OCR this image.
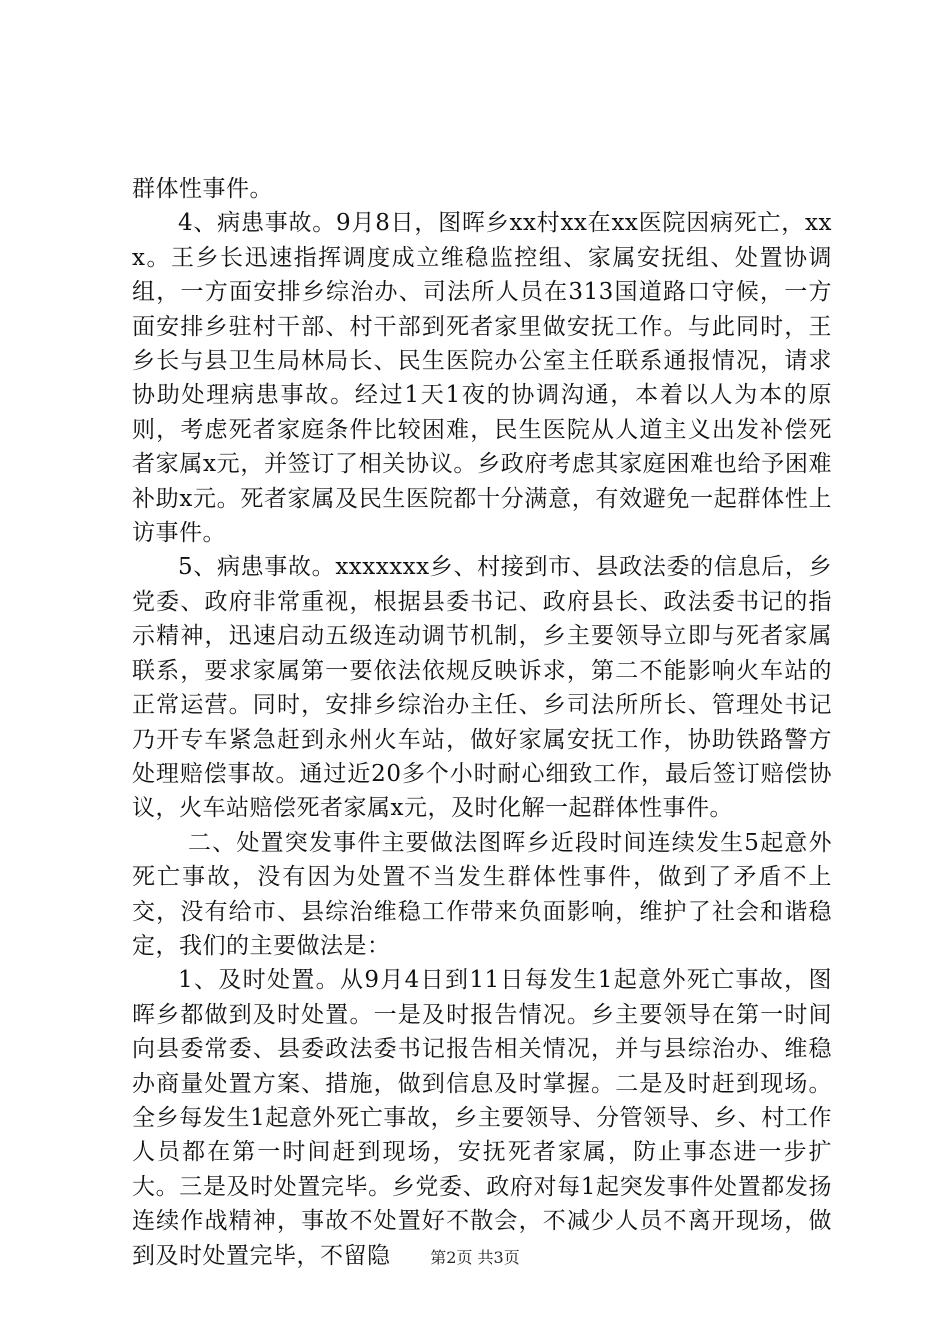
群体性事件。

4、病患事故。9月8日，图晖乡xx村xx在xx医院因病死亡，xxx。王乡长迅速指挥调度成立维稳监控组、家属安抚组、处置协调组，一方面安排乡综治办、司法所人员在313国道路口守候，一方面安排乡驻村干部、村干部到死者家里做安抚工作。与此同时，王乡长与县卫生局林局长、民生医院办公室主任联系通报情况，请求协助处理病患事故。经过1天1夜的协调沟通，本着以人为本的原则，考虑死者家庭条件比较困难，民生医院从人道主义出发补偿死者家属x元，并签订了相关协议。乡政府考虑其家庭困难也给予困难补助x元。死者家属及民生医院都十分满意，有效避免一起群体性上访事件。

5、病患事故。xxxxxxx乡、村接到市、县政法委的信息后，乡党委、政府非常重视，根据县委书记、政府县长、政法委书记的指示精神，迅速启动五级连动调节机制，乡主要领导立即与死者家属联系，要求家属第一要依法依规反映诉求，第二不能影响火车站的正常运营。同时，安排乡综治办主任、乡司法所所长、管理处书记乃开专车紧急赶到永州火车站，做好家属安抚工作，协助铁路警方处理赔偿事故。通过近20多个小时耐心细致工作，最后签订赔偿协议，火车站赔偿死者家属x元，及时化解一起群体性事件。

二、处置突发事件主要做法图晖乡近段时间连续发生5起意外死亡事故，没有因为处置不当发生群体性事件，做到了矛盾不上交，没有给市、县综治维稳工作带来负面影响，维护了社会和谐稳定，我们的主要做法是：

1、及时处置。从9月4日到11日每发生1起意外死亡事故，图晖乡都做到及时处置。一是及时报告情况。乡主要领导在第一时间向县委常委、县委政法委书记报告相关情况，并与县综治办、维稳办商量处置方案、措施，做到信息及时掌握。二是及时赶到现场。全乡每发生1起意外死亡事故，乡主要领导、分管领导、乡、村工作人员都在第一时间赶到现场，安抚死者家属，防止事态进一步扩大。三是及时处置完毕。乡党委、政府对每1起突发事件处置都发扬连续作战精神，事故不处置好不散会，不减少人员不离开现场，做到及时处置完毕，不留隐	第2页 共3页
